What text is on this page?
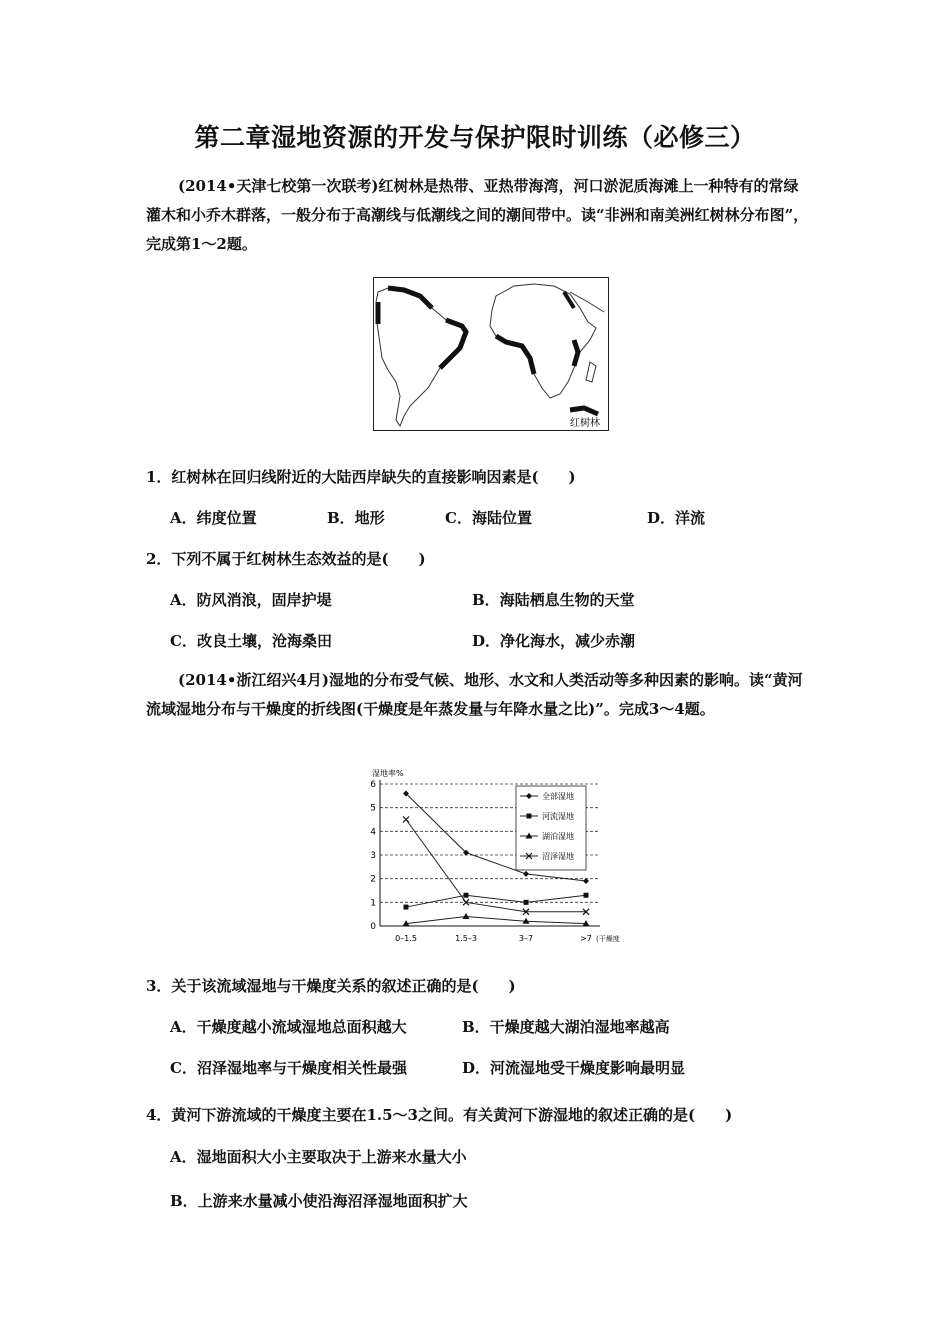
第二章湿地资源的开发与保护限时训练（必修三）

(2014•天津七校第一次联考)红树林是热带、亚热带海湾，河口淤泥质海滩上一种特有的常绿灌木和小乔木群落，一般分布于高潮线与低潮线之间的潮间带中。读“非洲和南美洲红树林分布图”，完成第1～2题。

红树林
1．红树林在回归线附近的大陆西岸缺失的直接影响因素是(　　)
A．纬度位置	B．地形	C．海陆位置	D．洋流
2．下列不属于红树林生态效益的是(　　)
A．防风消浪，固岸护堤	B．海陆栖息生物的天堂
C．改良土壤，沧海桑田	D．净化海水，减少赤潮

(2014•浙江绍兴4月)湿地的分布受气候、地形、水文和人类活动等多种因素的影响。读“黄河流域湿地分布与干燥度的折线图(干燥度是年蒸发量与年降水量之比)”。完成3～4题。

湿地率%
0
1
2
3
4
5
6
0–1.5	1.5–3	3–7	>7 (干燥度)
全部湿地
河流湿地
湖泊湿地
沼泽湿地
3．关于该流域湿地与干燥度关系的叙述正确的是(　　)
A．干燥度越小流域湿地总面积越大	B．干燥度越大湖泊湿地率越高
C．沼泽湿地率与干燥度相关性最强	D．河流湿地受干燥度影响最明显
4．黄河下游流域的干燥度主要在1.5～3之间。有关黄河下游湿地的叙述正确的是(　　)
A．湿地面积大小主要取决于上游来水量大小
B．上游来水量减小使沿海沼泽湿地面积扩大
